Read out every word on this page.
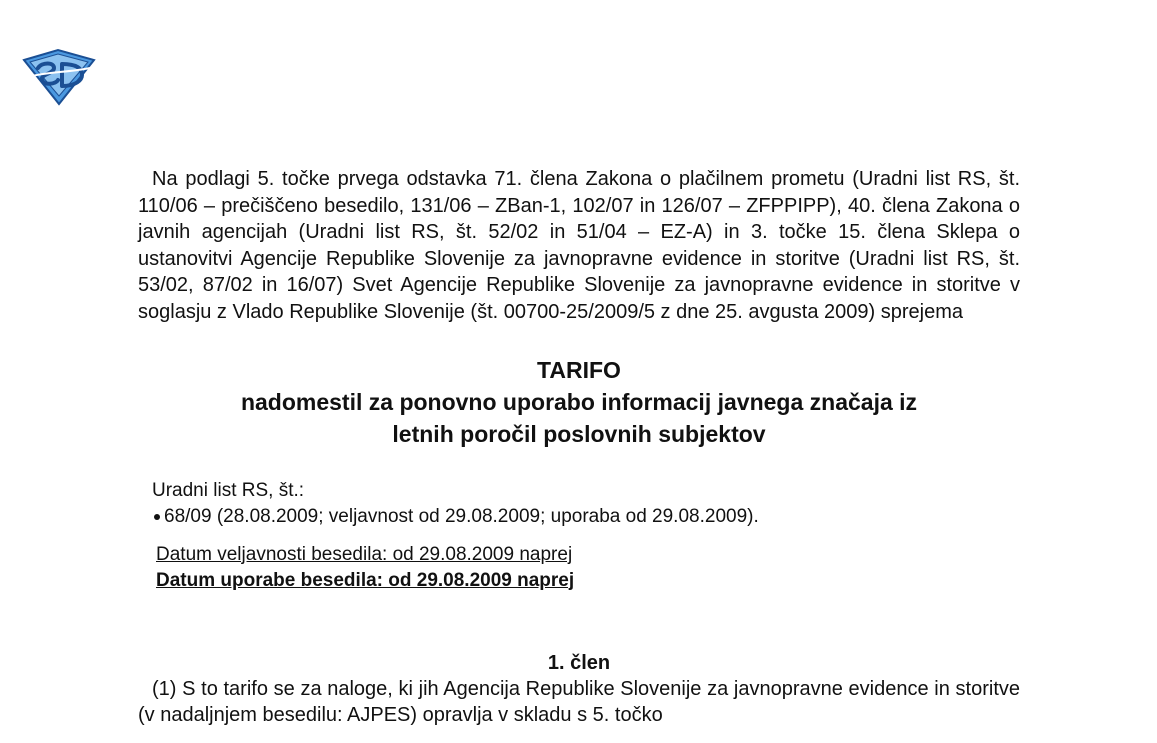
Na podlagi 5. točke prvega odstavka 71. člena Zakona o plačilnem prometu (Uradni list RS, št. 110/06 – prečiščeno besedilo, 131/06 – ZBan-1, 102/07 in 126/07 – ZFPPIPP), 40. člena Zakona o javnih agencijah (Uradni list RS, št. 52/02 in 51/04 – EZ-A) in 3. točke 15. člena Sklepa o ustanovitvi Agencije Republike Slovenije za javnopravne evidence in storitve (Uradni list RS, št. 53/02, 87/02 in 16/07) Svet Agencije Republike Slovenije za javnopravne evidence in storitve v soglasju z Vlado Republike Slovenije (št. 00700-25/2009/5 z dne 25. avgusta 2009) sprejema

TARIFO
nadomestil za ponovno uporabo informacij javnega značaja iz
letnih poročil poslovnih subjektov
Uradni list RS, št.:
68/09 (28.08.2009; veljavnost od 29.08.2009; uporaba od 29.08.2009).
Datum veljavnosti besedila: od 29.08.2009 naprej
Datum uporabe besedila: od 29.08.2009 naprej
1. člen

(1) S to tarifo se za naloge, ki jih Agencija Republike Slovenije za javnopravne evidence in storitve (v nadaljnjem besedilu: AJPES) opravlja v skladu s 5. točko
